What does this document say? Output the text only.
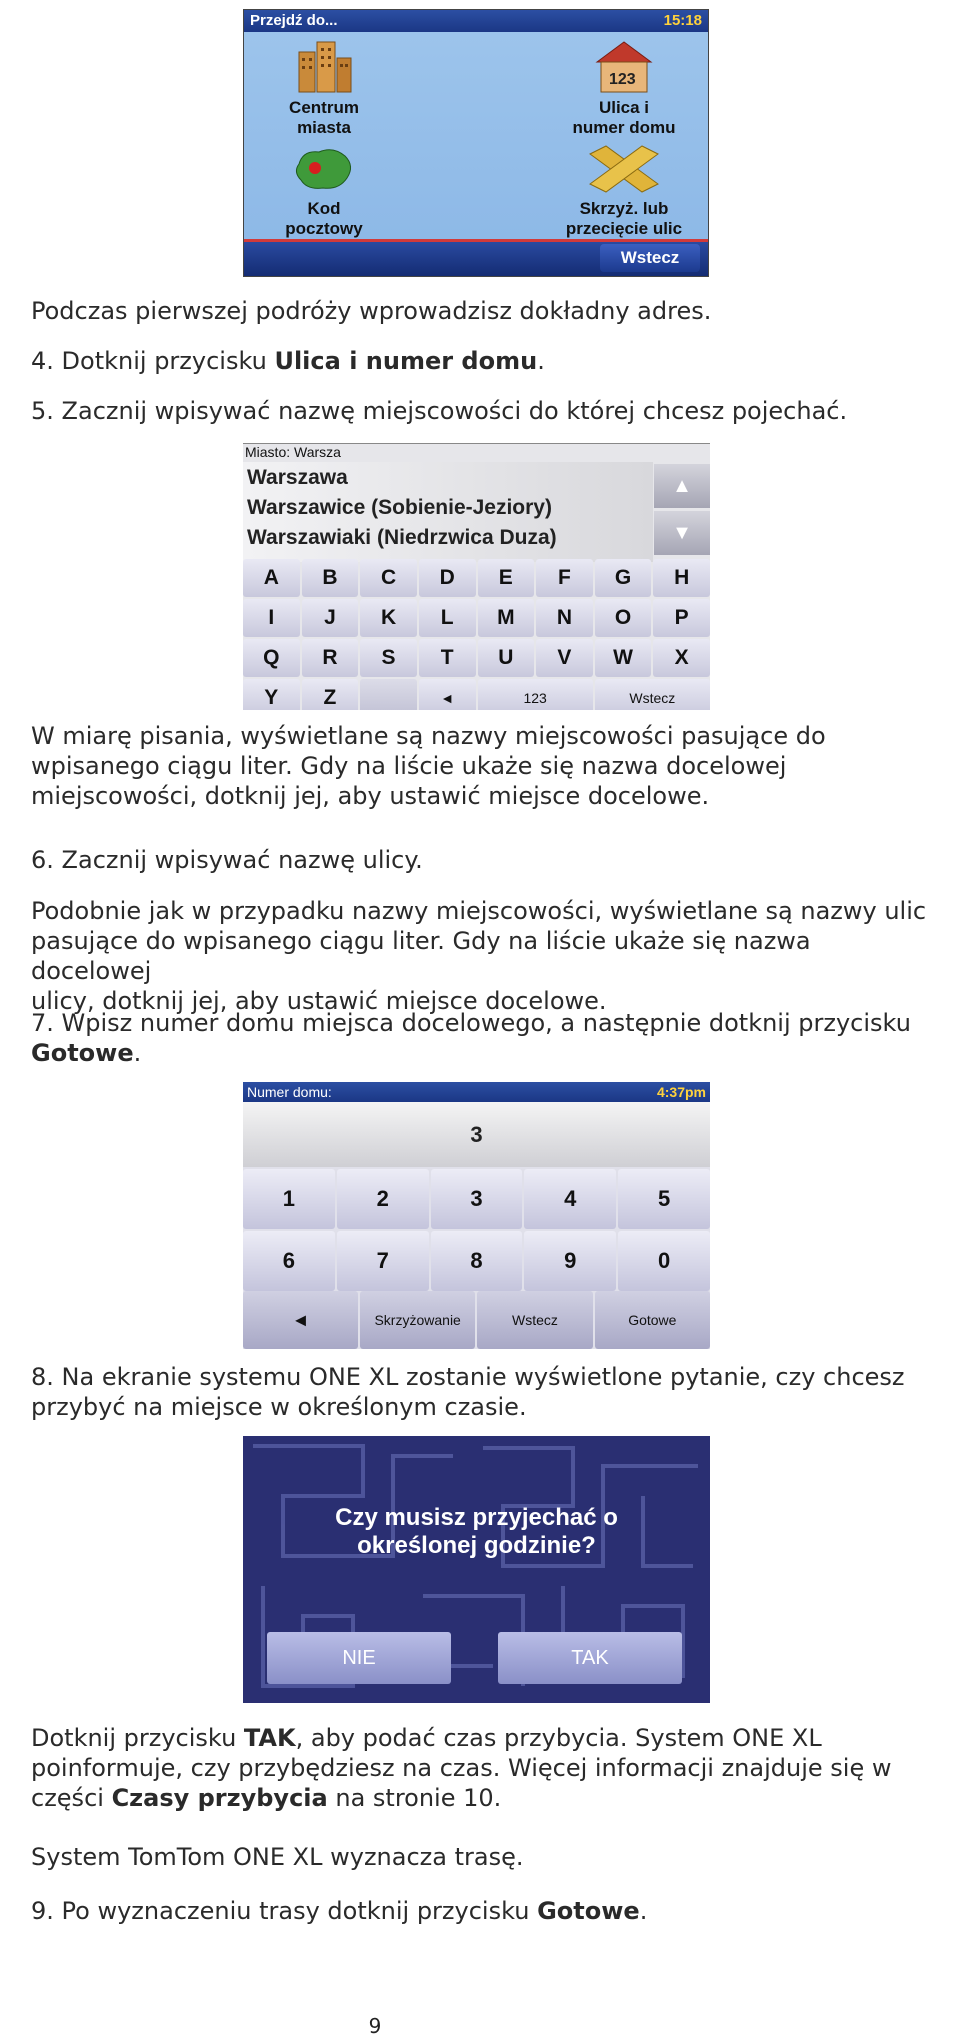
Przejdź do...	15:18
Centrum
miasta
123
Ulica i
numer domu
Kod
pocztowy
Skrzyż. lub
przecięcie ulic
Wstecz
Podczas pierwszej podróży wprowadzisz dokładny adres.
4. Dotknij przycisku Ulica i numer domu.
5. Zacznij wpisywać nazwę miejscowości do której chcesz pojechać.
Miasto: Warsza
Warszawa
Warszawice (Sobienie-Jeziory)
Warszawiaki (Niedrzwica Duza)
▲
▼
A	B	C	D	E	F	G	H
I	J	K	L	M	N	O	P
Q	R	S	T	U	V	W	X
Y	Z	◄	123	Wstecz
W miarę pisania, wyświetlane są nazwy miejscowości pasujące do
wpisanego ciągu liter. Gdy na liście ukaże się nazwa docelowej
miejscowości, dotknij jej, aby ustawić miejsce docelowe.
6. Zacznij wpisywać nazwę ulicy.
Podobnie jak w przypadku nazwy miejscowości, wyświetlane są nazwy ulic
pasujące do wpisanego ciągu liter. Gdy na liście ukaże się nazwa docelowej
ulicy, dotknij jej, aby ustawić miejsce docelowe.
7. Wpisz numer domu miejsca docelowego, a następnie dotknij przycisku
Gotowe.
Numer domu:	4:37pm
3
1	2	3	4	5
6	7	8	9	0
◄	Skrzyżowanie	Wstecz	Gotowe
8. Na ekranie systemu ONE XL zostanie wyświetlone pytanie, czy chcesz
przybyć na miejsce w określonym czasie.
Czy musisz przyjechać o
określonej godzinie?
NIE	TAK
Dotknij przycisku TAK, aby podać czas przybycia. System ONE XL
poinformuje, czy przybędziesz na czas. Więcej informacji znajduje się w
części Czasy przybycia na stronie 10.
System TomTom ONE XL wyznacza trasę.
9. Po wyznaczeniu trasy dotknij przycisku Gotowe.
9
